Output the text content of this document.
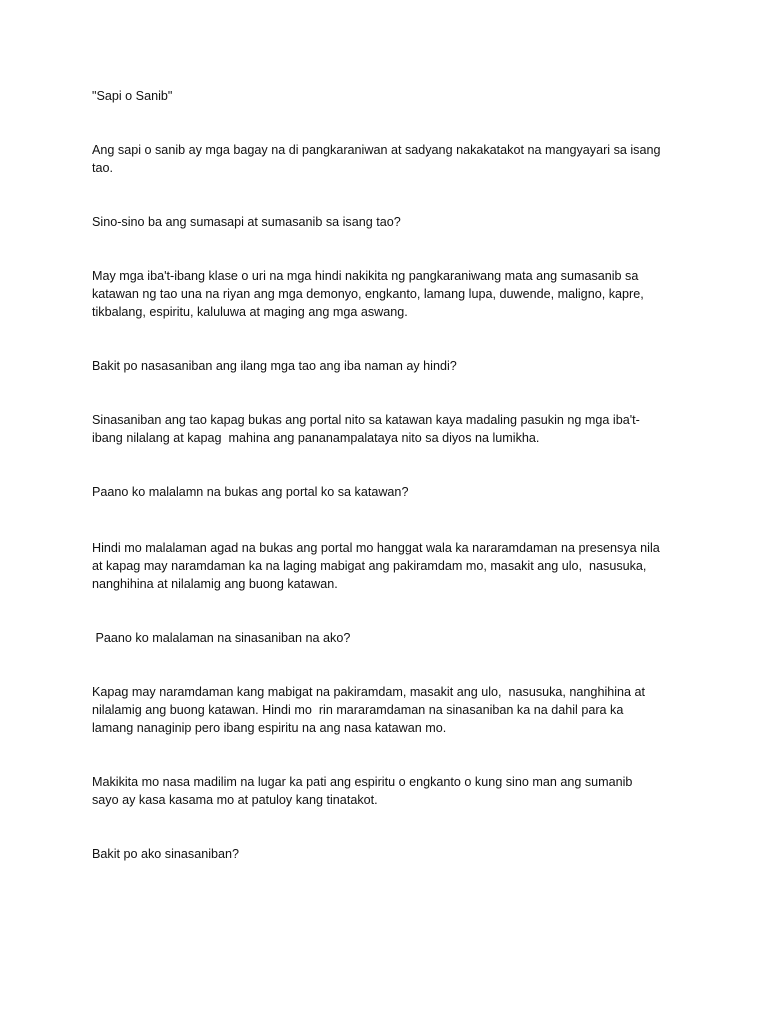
"Sapi o Sanib"

Ang sapi o sanib ay mga bagay na di pangkaraniwan at sadyang nakakatakot na mangyayari sa isang
tao.

Sino-sino ba ang sumasapi at sumasanib sa isang tao?

May mga iba't-ibang klase o uri na mga hindi nakikita ng pangkaraniwang mata ang sumasanib sa
katawan ng tao una na riyan ang mga demonyo, engkanto, lamang lupa, duwende, maligno, kapre,
tikbalang, espiritu, kaluluwa at maging ang mga aswang.

Bakit po nasasaniban ang ilang mga tao ang iba naman ay hindi?

Sinasaniban ang tao kapag bukas ang portal nito sa katawan kaya madaling pasukin ng mga iba't-
ibang nilalang at kapag  mahina ang pananampalataya nito sa diyos na lumikha.

Paano ko malalamn na bukas ang portal ko sa katawan?

Hindi mo malalaman agad na bukas ang portal mo hanggat wala ka nararamdaman na presensya nila
at kapag may naramdaman ka na laging mabigat ang pakiramdam mo, masakit ang ulo,  nasusuka,
nanghihina at nilalamig ang buong katawan.

Paano ko malalaman na sinasaniban na ako?

Kapag may naramdaman kang mabigat na pakiramdam, masakit ang ulo,  nasusuka, nanghihina at
nilalamig ang buong katawan. Hindi mo  rin mararamdaman na sinasaniban ka na dahil para ka
lamang nanaginip pero ibang espiritu na ang nasa katawan mo.

Makikita mo nasa madilim na lugar ka pati ang espiritu o engkanto o kung sino man ang sumanib
sayo ay kasa kasama mo at patuloy kang tinatakot.

Bakit po ako sinasaniban?
